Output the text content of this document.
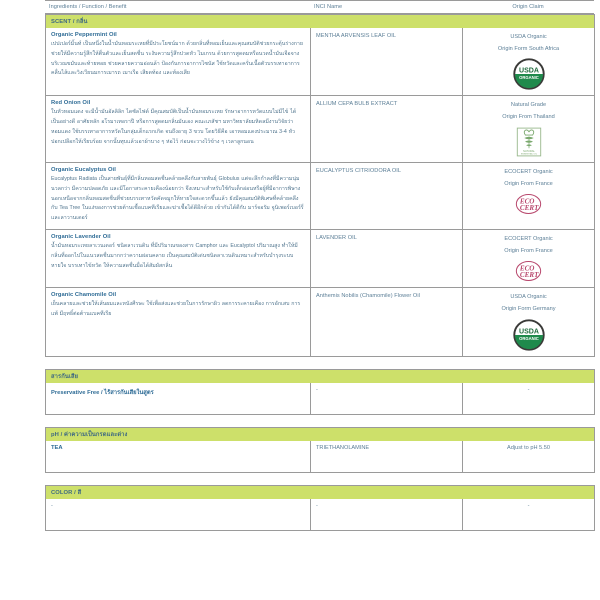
Ingredients / Function / Benefit	INCI Name	Origin Claim
SCENT / กลิ่น
Organic Peppermint Oil
เปปเปอร์มิ้นท์ เป็นหนึ่งในน้ำมันหอมระเหยที่มีประโยชน์มาก ด้วยกลิ่นที่หอมเย็นและคุณสมบัติช่วยกระตุ้นร่างกายช่วยให้มีความรู้สึกให้ตื่นตัวและเย็นสดชื่น ระงับความรู้สึกปวดหัว ไมเกรน ด้วยการสูดดมหรือนวดน้ำมันเจือจางบริเวณขมับและท้ายทอย ช่วยคลายความอ่อนล้า ป้องกันการอาการไซนัส ใช้หวัดและครั่นเนื้อตัวบรรเทาอาการคลื่นไส้และวิงเวียนมการเมารถ เมาเรือ เสียดท้อง และท้องเสีย
	MENTHA ARVENSIS LEAF OIL	USDA Organic
Origin Form South Africa
USDA
ORGANIC

Red Onion Oil
ในหัวหอมแดง จะมีน้ำมันอัลลิลิก ไดซัลไฟด์ มีคุณสมบัติเป็นน้ำมันหอมระเหย รักษาอาการหวัดแบบไม่มีไข้ ได้เป็นอย่างดี อาศัยหลัก อโรมาเทอราปี หรือการสูดดมกลิ่นมันเอง คณะเภสัชฯ มหาวิทยาลัยมหิดลมีงานวิจัยว่าหอมแดง ใช้บรรเทาอาการหวัดในกลุ่มเด็กแรกเกิด จนถึงอายุ 3 ขวบ โดยวิธีคือ เอาหอมแดงประมาณ 3-4 หัว ปอกเปลือกให้เรียบร้อย จากนั้นทุบแล้วเอาผ้าบาง ๆ ห่อไว้ ก่อนจะวางไว้ข้าง ๆ เวลาลูกนอน
	ALLIUM CEPA BULB EXTRACT	Natural Grade
Origin From Thailand
NATURAL
ESSENTIAL OIL

Organic Eucalyptus Oil
Eucalyptus Radiata เป็นสายพันธุ์ที่มีกลิ่นหอมสดชื่นคล้ายคลึงกับสายพันธุ์ Globulus แต่จะลึกกำลงที่มีความนุ่มนวลกว่า มีความปลอดภัย และมีโอกาสระคายเคืองน้อยกว่า จึงเหมาะสำหรับใช้กับเด็กอ่อนหรือผู้ที่มีอาการพิษาง นอกเหนือจากกลิ่นหอมสดชื่นที่ช่วยบรรเทาหวัดคัดจมูกให้หายใจสะดวกขึ้นแล้ว ยังมีคุณสมบัติพิเศษที่คล้ายคลึงกับ Tea Tree ในแง่ของการช่วยต้านเชื้อแบคทีเรียและฆ่าเชื้อได้ดีอีกด้วย เข้ากันได้ดีกับ มาร์จอรัม จูนิเพอร์เบอร์รี่ และลาวานเดอร์
	EUCALYPTUS CITRIODORA OIL	ECOCERT Organic
Origin From France
ECO
CERT

Organic Lavender Oil
น้ำมันหอมระเหยลาเวนเดอร์ ชนิดลาเวนดิน ที่มีปริมาณของสาร Camphor และ Eucalyptol ปริมาณสูง ทำให้มีกลิ่นที่ออกไปในแนวสดชื่นมากกว่าความผ่อนคลาย เป็นคุณสมบัติเด่นชนิดลาเวนดินเหมาะสำหรับบำรุงระบบหายใจ บรรเทาไข้หวัด ให้ความสดชื่นมื่อได้สัมผัสกลิ่น
	LAVENDER OIL	ECOCERT Organic
Origin From France
ECO
CERT

Organic Chamomile Oil
เย็นคลายและช่วยให้เส้นผมและหนังศีรษะ ใช้เพื่อส่งและช่วยในการรักษาผิว ลดการระคายเคือง การอักเสบ การแพ้ มีฤทธิ์ต่อต้านแบคทีเรีย
	Anthemis Nobilis (Chamomile) Flower Oil	USDA Organic
Origin Form Germany
USDA
ORGANIC
สารกันเสีย
Preservative Free / ไร้สารกันเสียในสูตร	-	-
pH / ค่าความเป็นกรดและด่าง
TEA	TRIETHANOLAMINE	Adjust to pH 5.50
COLOR / สี
-	-	-
